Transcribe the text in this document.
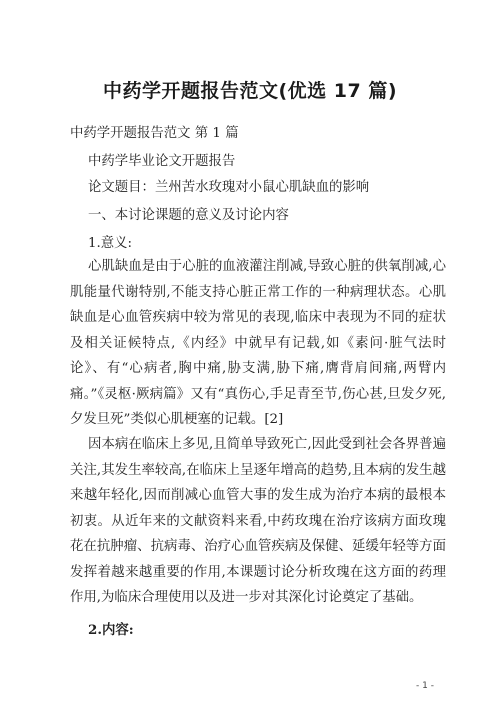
中药学开题报告范文(优选 17 篇)
中药学开题报告范文 第 1 篇
中药学毕业论文开题报告
论文题目：兰州苦水玫瑰对小鼠心肌缺血的影响
一、本讨论课题的意义及讨论内容
1.意义:
心肌缺血是由于心脏的血液灌注削减,导致心脏的供氧削减,心肌能量代谢特别,不能支持心脏正常工作的一种病理状态。心肌缺血是心血管疾病中较为常见的表现,临床中表现为不同的症状及相关证候特点,《内经》中就早有记载,如《素问·脏气法时论》、有“心病者,胸中痛,胁支满,胁下痛,膺背肩间痛,两臂内痛。”《灵枢·厥病篇》又有“真伤心,手足青至节,伤心甚,旦发夕死,夕发旦死”类似心肌梗塞的记载。[2]
因本病在临床上多见,且简单导致死亡,因此受到社会各界普遍关注,其发生率较高,在临床上呈逐年增高的趋势,且本病的发生越来越年轻化,因而削减心血管大事的发生成为治疗本病的最根本初衷。从近年来的文献资料来看,中药玫瑰在治疗该病方面玫瑰花在抗肿瘤、抗病毒、治疗心血管疾病及保健、延缓年轻等方面发挥着越来越重要的作用,本课题讨论分析玫瑰在这方面的药理作用,为临床合理使用以及进一步对其深化讨论奠定了基础。
2.内容:
- 1 -
